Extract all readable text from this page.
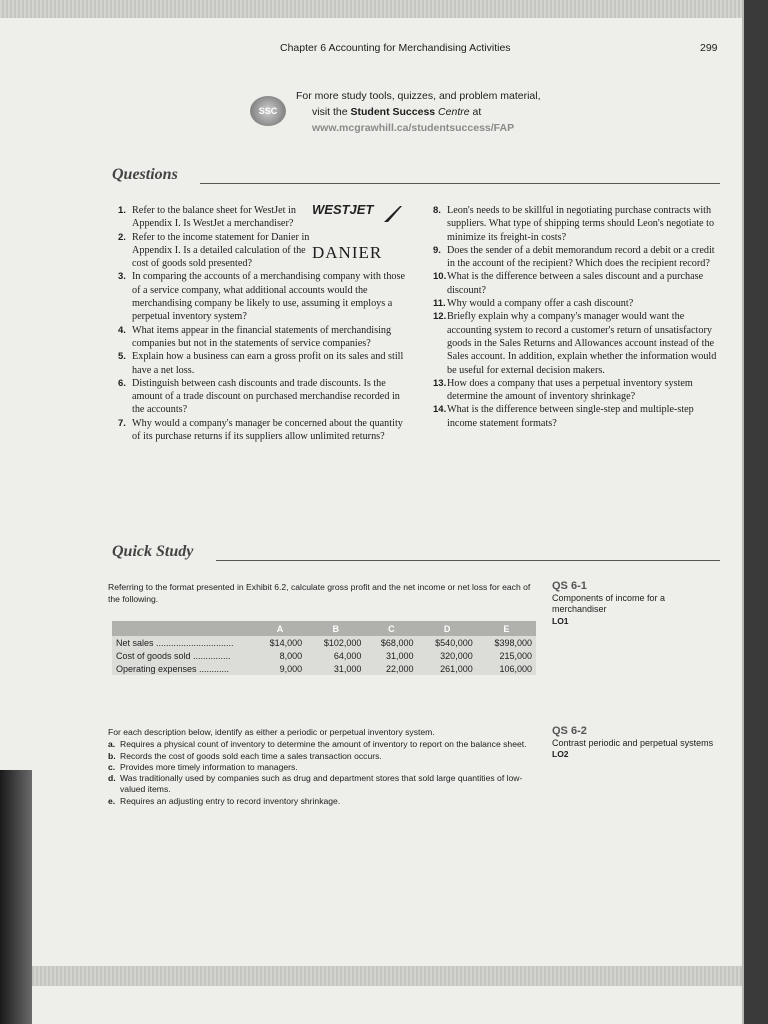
Chapter 6 Accounting for Merchandising Activities	299
SSC
For more study tools, quizzes, and problem material,
visit the Student Success Centre at
www.mcgrawhill.ca/studentsuccess/FAP
Questions
1. Refer to the balance sheet for WestJet in Appendix I. Is WestJet a merchandiser?
2. Refer to the income statement for Danier in Appendix I. Is a detailed calculation of the cost of goods sold presented?
3. In comparing the accounts of a merchandising company with those of a service company, what additional accounts would the merchandising company be likely to use, assuming it employs a perpetual inventory system?
4. What items appear in the financial statements of merchandising companies but not in the statements of service companies?
5. Explain how a business can earn a gross profit on its sales and still have a net loss.
6. Distinguish between cash discounts and trade discounts. Is the amount of a trade discount on purchased merchandise recorded in the accounts?
7. Why would a company's manager be concerned about the quantity of its purchase returns if its suppliers allow unlimited returns?
8. Leon's needs to be skillful in negotiating purchase contracts with suppliers. What type of shipping terms should Leon's negotiate to minimize its freight-in costs?
9. Does the sender of a debit memorandum record a debit or a credit in the account of the recipient? Which does the recipient record?
10. What is the difference between a sales discount and a purchase discount?
11. Why would a company offer a cash discount?
12. Briefly explain why a company's manager would want the accounting system to record a customer's return of unsatisfactory goods in the Sales Returns and Allowances account instead of the Sales account. In addition, explain whether the information would be useful for external decision makers.
13. How does a company that uses a perpetual inventory system determine the amount of inventory shrinkage?
14. What is the difference between single-step and multiple-step income statement formats?
WESTJET
DANIER
Quick Study
Referring to the format presented in Exhibit 6.2, calculate gross profit and the net income or net loss for each of the following.
QS 6-1
Components of income for a merchandiser
LO1
	A	B	C	D	E
Net sales ...............................	$14,000	$102,000	$68,000	$540,000	$398,000
Cost of goods sold ...............	8,000	64,000	31,000	320,000	215,000
Operating expenses ............	9,000	31,000	22,000	261,000	106,000
For each description below, identify as either a periodic or perpetual inventory system.
a. Requires a physical count of inventory to determine the amount of inventory to report on the balance sheet.
b. Records the cost of goods sold each time a sales transaction occurs.
c. Provides more timely information to managers.
d. Was traditionally used by companies such as drug and department stores that sold large quantities of low-valued items.
e. Requires an adjusting entry to record inventory shrinkage.
QS 6-2
Contrast periodic and perpetual systems
LO2
